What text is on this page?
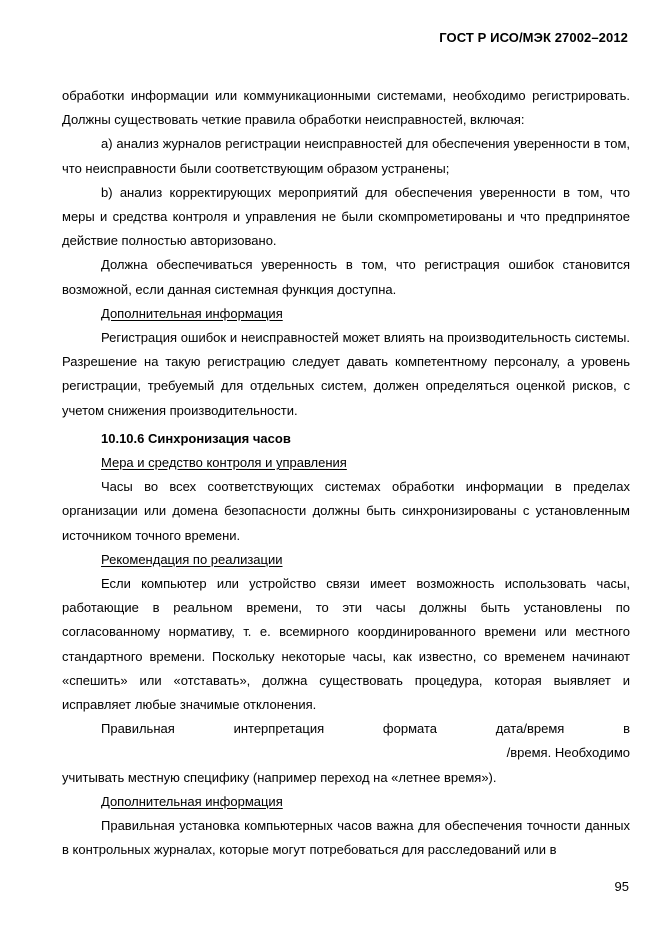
ГОСТ Р ИСО/МЭК 27002–2012

обработки информации или коммуникационными системами, необходимо регистрировать. Должны существовать четкие правила обработки неисправностей, включая:

a) анализ журналов регистрации неисправностей для обеспечения уверенности в том, что неисправности были соответствующим образом устранены;

b) анализ корректирующих мероприятий для обеспечения уверенности в том, что меры и средства контроля и управления не были скомпрометированы и что предпринятое действие полностью авторизовано.

Должна обеспечиваться уверенность в том, что регистрация ошибок становится возможной, если данная системная функция доступна.

Дополнительная информация

Регистрация ошибок и неисправностей может влиять на производительность системы. Разрешение на такую регистрацию следует давать компетентному персоналу, а уровень регистрации, требуемый для отдельных систем, должен определяться оценкой рисков, с учетом снижения производительности.

10.10.6 Синхронизация часов

Мера и средство контроля и управления

Часы во всех соответствующих системах обработки информации в пределах организации или домена безопасности должны быть синхронизированы с установленным источником точного времени.

Рекомендация по реализации

Если компьютер или устройство связи имеет возможность использовать часы, работающие в реальном времени, то эти часы должны быть установлены по согласованному нормативу, т. е. всемирного координированного времени или местного стандартного времени. Поскольку некоторые часы, как известно, со временем начинают «спешить» или «отставать», должна существовать процедура, которая выявляет и исправляет любые значимые отклонения.

Правильная интерпретация формата дата/время в

/время. Необходимо

учитывать местную специфику (например переход на «летнее время»).

Дополнительная информация

Правильная установка компьютерных часов важна для обеспечения точности данных в контрольных журналах, которые могут потребоваться для расследований или в

95
